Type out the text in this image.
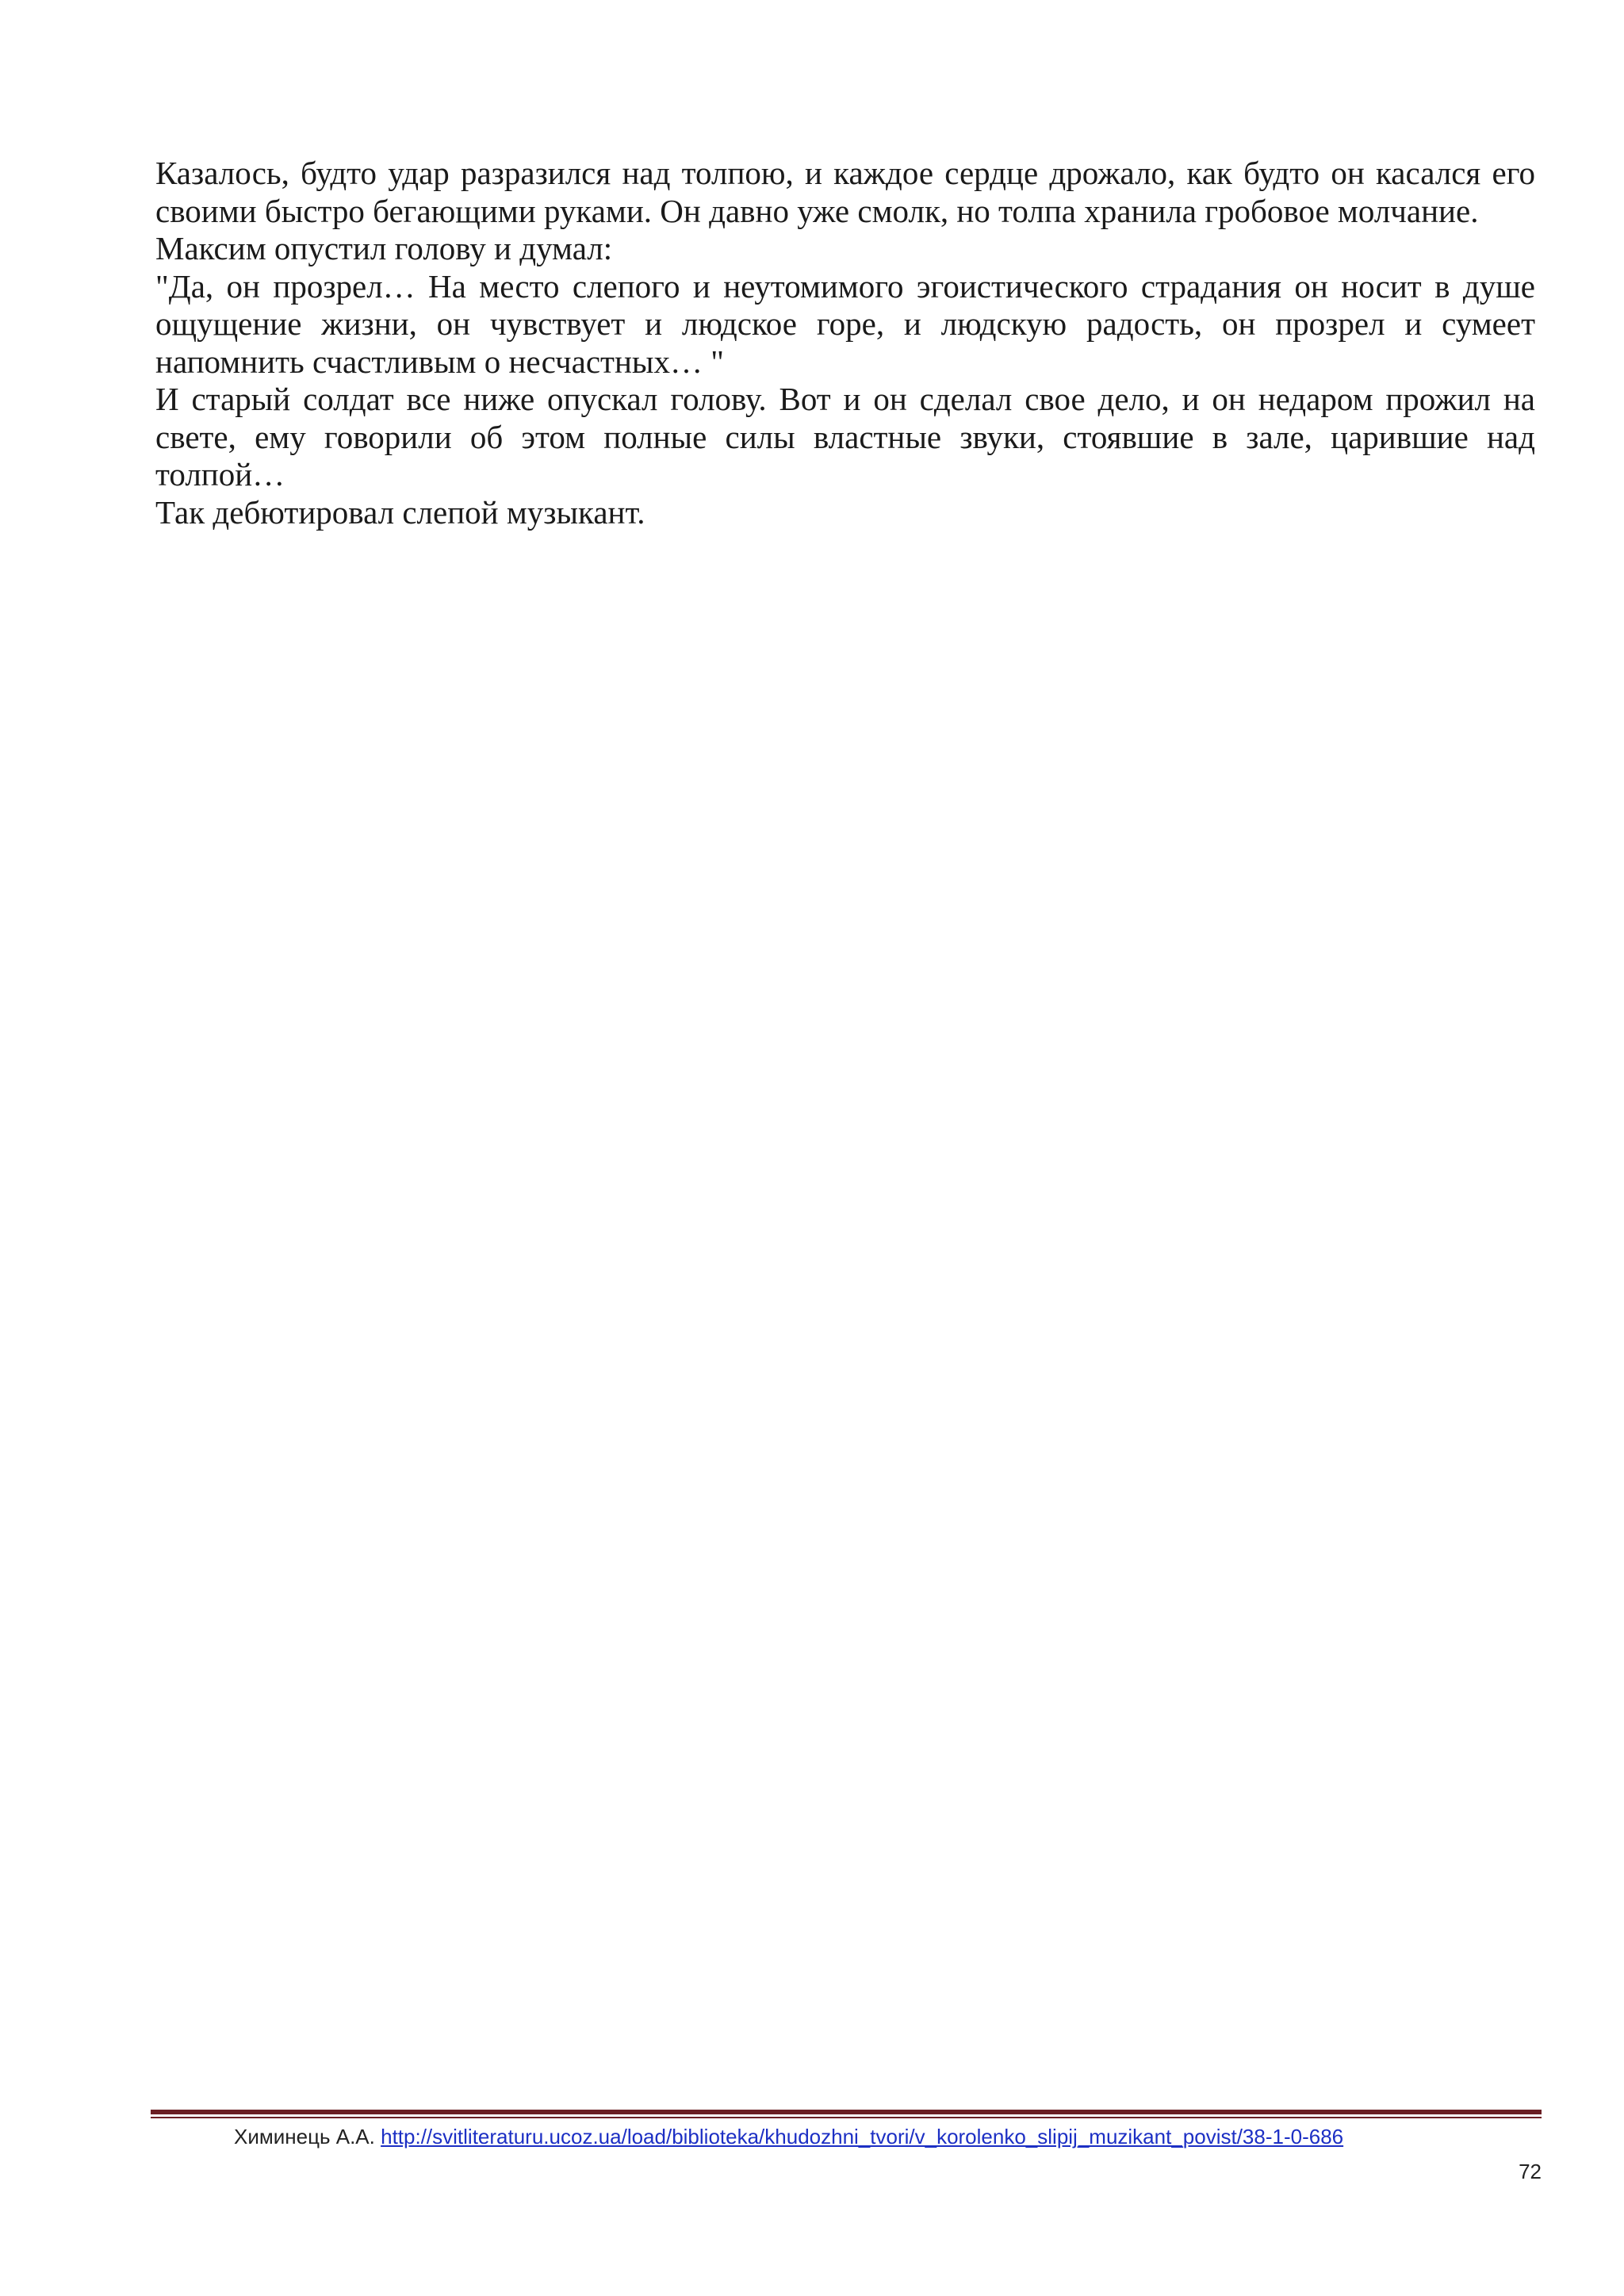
Казалось, будто удар разразился над толпою, и каждое сердце дрожало, как будто он касался его своими быстро бегающими руками. Он давно уже смолк, но толпа хранила гробовое молчание.

Максим опустил голову и думал:

"Да, он прозрел… На место слепого и неутомимого эгоистического страдания он носит в душе ощущение жизни, он чувствует и людское горе, и людскую радость, он прозрел и сумеет напомнить счастливым о несчастных… "

И старый солдат все ниже опускал голову. Вот и он сделал свое дело, и он недаром прожил на свете, ему говорили об этом полные силы властные звуки, стоявшие в зале, царившие над толпой…

Так дебютировал слепой музыкант.

Химинець А.А. http://svitliteraturu.ucoz.ua/load/biblioteka/khudozhni_tvori/v_korolenko_slipij_muzikant_povist/38-1-0-686
72
